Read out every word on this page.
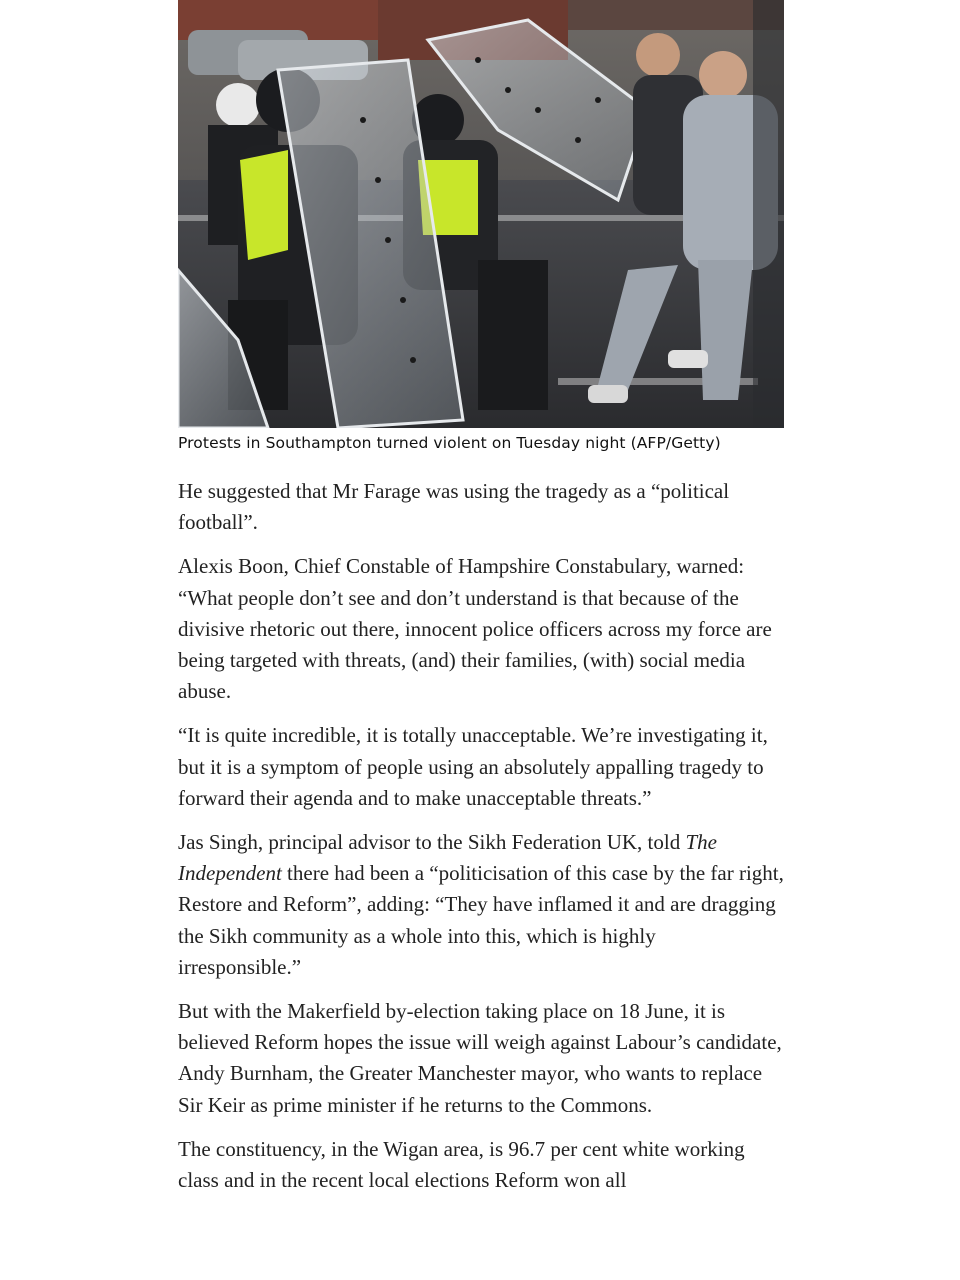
Protests in Southampton turned violent on Tuesday night (AFP/Getty)

He suggested that Mr Farage was using the tragedy as a “political football”.

Alexis Boon, Chief Constable of Hampshire Constabulary, warned: “What people don’t see and don’t understand is that because of the divisive rhetoric out there, innocent police officers across my force are being targeted with threats, (and) their families, (with) social media abuse.

“It is quite incredible, it is totally unacceptable. We’re investigating it, but it is a symptom of people using an absolutely appalling tragedy to forward their agenda and to make unacceptable threats.”

Jas Singh, principal advisor to the Sikh Federation UK, told The Independent there had been a “politicisation of this case by the far right, Restore and Reform”, adding: “They have inflamed it and are dragging the Sikh community as a whole into this, which is highly irresponsible.”

But with the Makerfield by-election taking place on 18 June, it is believed Reform hopes the issue will weigh against Labour’s candidate, Andy Burnham, the Greater Manchester mayor, who wants to replace Sir Keir as prime minister if he returns to the Commons.

The constituency, in the Wigan area, is 96.7 per cent white working class and in the recent local elections Reform won all
